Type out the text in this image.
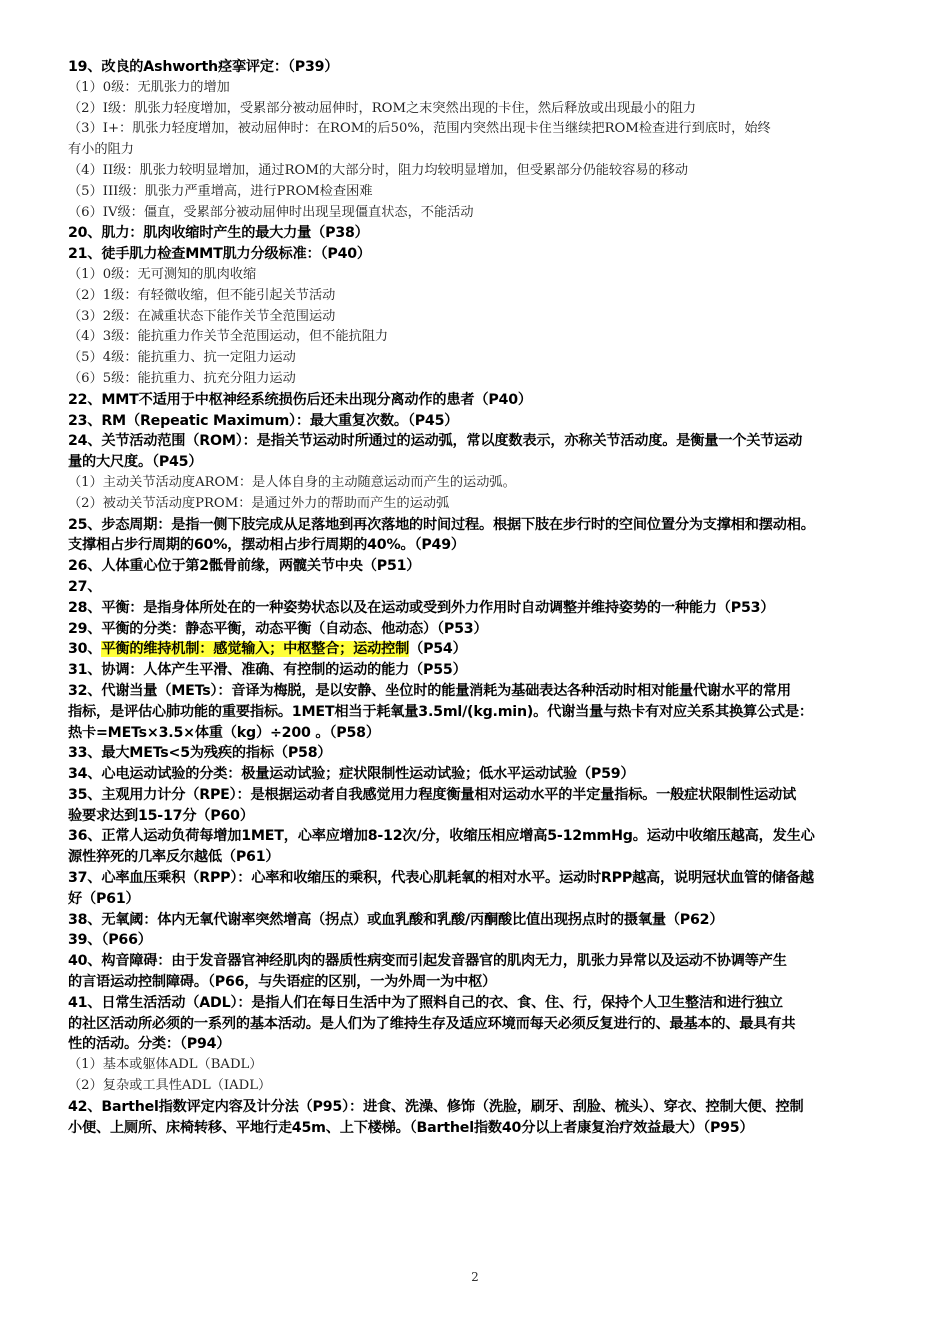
19、改良的Ashworth痉挛评定：（P39）
（1）0级：无肌张力的增加
（2）I级：肌张力轻度增加，受累部分被动屈伸时，ROM之末突然出现的卡住，然后释放或出现最小的阻力
（3）I+：肌张力轻度增加，被动屈伸时：在ROM的后50%，范围内突然出现卡住当继续把ROM检查进行到底时，始终
有小的阻力
（4）II级：肌张力较明显增加，通过ROM的大部分时，阻力均较明显增加，但受累部分仍能较容易的移动
（5）III级：肌张力严重增高，进行PROM检查困难
（6）IV级：僵直，受累部分被动屈伸时出现呈现僵直状态，不能活动
20、肌力：肌肉收缩时产生的最大力量（P38）
21、徒手肌力检查MMT肌力分级标准：（P40）
（1）0级：无可测知的肌肉收缩
（2）1级：有轻微收缩，但不能引起关节活动
（3）2级：在减重状态下能作关节全范围运动
（4）3级：能抗重力作关节全范围运动，但不能抗阻力
（5）4级：能抗重力、抗一定阻力运动
（6）5级：能抗重力、抗充分阻力运动
22、MMT不适用于中枢神经系统损伤后还未出现分离动作的患者（P40）
23、RM（Repeatic Maximum）：最大重复次数。（P45）
24、关节活动范围（ROM）：是指关节运动时所通过的运动弧，常以度数表示，亦称关节活动度。是衡量一个关节运动
量的大尺度。（P45）
（1）主动关节活动度AROM：是人体自身的主动随意运动而产生的运动弧。
（2）被动关节活动度PROM：是通过外力的帮助而产生的运动弧
25、步态周期：是指一侧下肢完成从足落地到再次落地的时间过程。根据下肢在步行时的空间位置分为支撑相和摆动相。
支撑相占步行周期的60%，摆动相占步行周期的40%。（P49）
26、人体重心位于第2骶骨前缘，两髋关节中央（P51）
27、
28、平衡：是指身体所处在的一种姿势状态以及在运动或受到外力作用时自动调整并维持姿势的一种能力（P53）
29、平衡的分类：静态平衡，动态平衡（自动态、他动态）（P53）
30、平衡的维持机制：感觉输入；中枢整合；运动控制（P54）
31、协调：人体产生平滑、准确、有控制的运动的能力（P55）
32、代谢当量（METs）：音译为梅脱，是以安静、坐位时的能量消耗为基础表达各种活动时相对能量代谢水平的常用
指标，是评估心肺功能的重要指标。1MET相当于耗氧量3.5ml/(kg.min)。代谢当量与热卡有对应关系其换算公式是：
热卡=METs×3.5×体重（kg）÷200 。（P58）
33、最大METs<5为残疾的指标（P58）
34、心电运动试验的分类：极量运动试验；症状限制性运动试验；低水平运动试验（P59）
35、主观用力计分（RPE）：是根据运动者自我感觉用力程度衡量相对运动水平的半定量指标。一般症状限制性运动试
验要求达到15-17分（P60）
36、正常人运动负荷每增加1MET，心率应增加8-12次/分，收缩压相应增高5-12mmHg。运动中收缩压越高，发生心
源性猝死的几率反尔越低（P61）
37、心率血压乘积（RPP）：心率和收缩压的乘积，代表心肌耗氧的相对水平。运动时RPP越高，说明冠状血管的储备越
好（P61）
38、无氧阈：体内无氧代谢率突然增高（拐点）或血乳酸和乳酸/丙酮酸比值出现拐点时的摄氧量（P62）
39、（P66）
40、构音障碍：由于发音器官神经肌肉的器质性病变而引起发音器官的肌肉无力，肌张力异常以及运动不协调等产生
的言语运动控制障碍。（P66，与失语症的区别，一为外周一为中枢）
41、日常生活活动（ADL）：是指人们在每日生活中为了照料自己的衣、食、住、行，保持个人卫生整洁和进行独立
的社区活动所必须的一系列的基本活动。是人们为了维持生存及适应环境而每天必须反复进行的、最基本的、最具有共
性的活动。分类：（P94）
（1）基本或躯体ADL（BADL）
（2）复杂或工具性ADL（IADL）
42、Barthel指数评定内容及计分法（P95）：进食、洗澡、修饰（洗脸，刷牙、刮脸、梳头）、穿衣、控制大便、控制
小便、上厕所、床椅转移、平地行走45m、上下楼梯。（Barthel指数40分以上者康复治疗效益最大）（P95）
2
